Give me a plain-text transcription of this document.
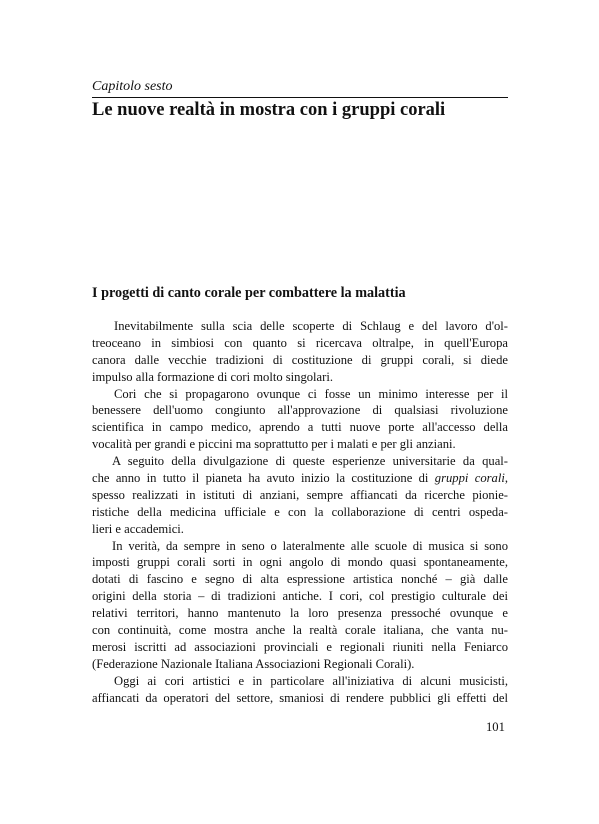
Capitolo sesto
Le nuove realtà in mostra con i gruppi corali
I progetti di canto corale per combattere la malattia
Inevitabilmente sulla scia delle scoperte di Schlaug e del lavoro d'ol-
treoceano in simbiosi con quanto si ricercava oltralpe, in quell'Europa
canora dalle vecchie tradizioni di costituzione di gruppi corali, si diede
impulso alla formazione di cori molto singolari.
Cori che si propagarono ovunque ci fosse un minimo interesse per il
benessere dell'uomo congiunto all'approvazione di qualsiasi rivoluzione
scientifica in campo medico, aprendo a tutti nuove porte all'accesso della
vocalità per grandi e piccini ma soprattutto per i malati e per gli anziani.
A seguito della divulgazione di queste esperienze universitarie da qual-
che anno in tutto il pianeta ha avuto inizio la costituzione di gruppi corali,
spesso realizzati in istituti di anziani, sempre affiancati da ricerche pionie-
ristiche della medicina ufficiale e con la collaborazione di centri ospeda-
lieri e accademici.
In verità, da sempre in seno o lateralmente alle scuole di musica si sono
imposti gruppi corali sorti in ogni angolo di mondo quasi spontaneamente,
dotati di fascino e segno di alta espressione artistica nonché – già dalle
origini della storia – di tradizioni antiche. I cori, col prestigio culturale dei
relativi territori, hanno mantenuto la loro presenza pressoché ovunque e
con continuità, come mostra anche la realtà corale italiana, che vanta nu-
merosi iscritti ad associazioni provinciali e regionali riuniti nella Feniarco
(Federazione Nazionale Italiana Associazioni Regionali Corali).
Oggi ai cori artistici e in particolare all'iniziativa di alcuni musicisti,
affiancati da operatori del settore, smaniosi di rendere pubblici gli effetti del
101
